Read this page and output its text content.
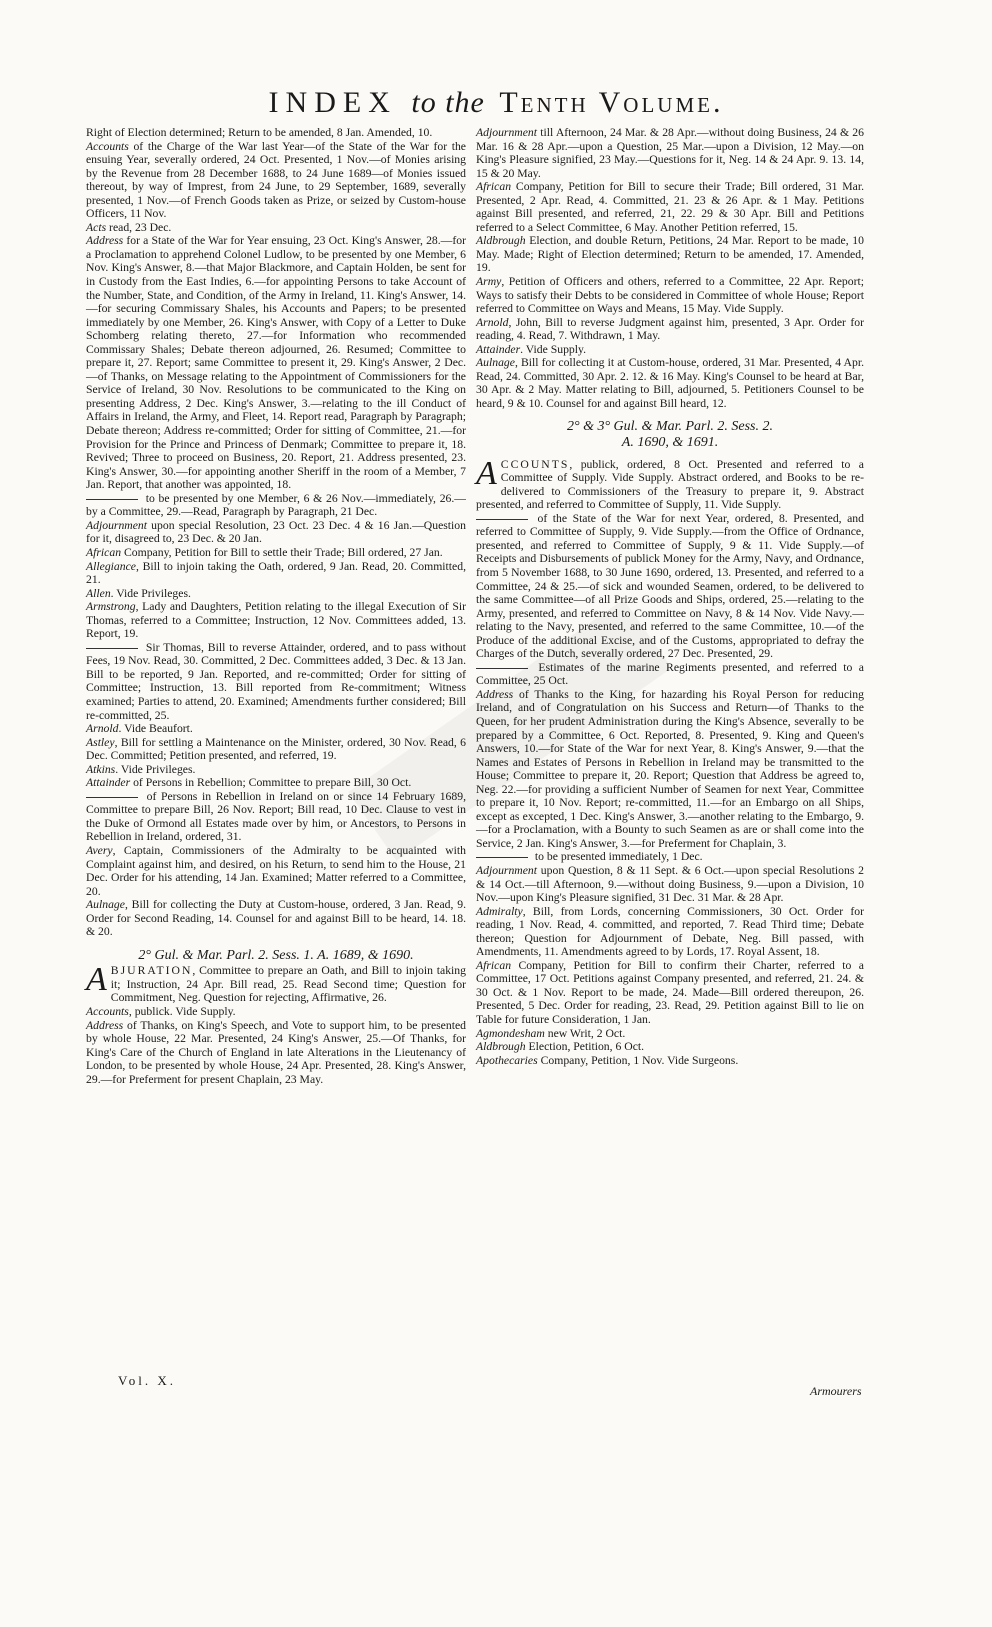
INDEX to the Tenth Volume.

Right of Election determined; Return to be amended, 8 Jan. Amended, 10.

Accounts of the Charge of the War last Year—of the State of the War for the ensuing Year, severally ordered, 24 Oct. Presented, 1 Nov.—of Monies arising by the Revenue from 28 December 1688, to 24 June 1689—of Monies issued thereout, by way of Imprest, from 24 June, to 29 September, 1689, severally presented, 1 Nov.—of French Goods taken as Prize, or seized by Custom-house Officers, 11 Nov.

Acts read, 23 Dec.

Address for a State of the War for Year ensuing, 23 Oct. King's Answer, 28.—for a Proclamation to apprehend Colonel Ludlow, to be presented by one Member, 6 Nov. King's Answer, 8.—that Major Blackmore, and Captain Holden, be sent for in Custody from the East Indies, 6.—for appointing Persons to take Account of the Number, State, and Condition, of the Army in Ireland, 11. King's Answer, 14.—for securing Commissary Shales, his Accounts and Papers; to be presented immediately by one Member, 26. King's Answer, with Copy of a Letter to Duke Schomberg relating thereto, 27.—for Information who recommended Commissary Shales; Debate thereon adjourned, 26. Resumed; Committee to prepare it, 27. Report; same Committee to present it, 29. King's Answer, 2 Dec.—of Thanks, on Message relating to the Appointment of Commissioners for the Service of Ireland, 30 Nov. Resolutions to be communicated to the King on presenting Address, 2 Dec. King's Answer, 3.—relating to the ill Conduct of Affairs in Ireland, the Army, and Fleet, 14. Report read, Paragraph by Paragraph; Debate thereon; Address re-committed; Order for sitting of Committee, 21.—for Provision for the Prince and Princess of Denmark; Committee to prepare it, 18. Revived; Three to proceed on Business, 20. Report, 21. Address presented, 23. King's Answer, 30.—for appointing another Sheriff in the room of a Member, 7 Jan. Report, that another was appointed, 18.

to be presented by one Member, 6 & 26 Nov.—immediately, 26.—by a Committee, 29.—Read, Paragraph by Paragraph, 21 Dec.

Adjournment upon special Resolution, 23 Oct. 23 Dec. 4 & 16 Jan.—Question for it, disagreed to, 23 Dec. & 20 Jan.

African Company, Petition for Bill to settle their Trade; Bill ordered, 27 Jan.

Allegiance, Bill to injoin taking the Oath, ordered, 9 Jan. Read, 20. Committed, 21.

Allen. Vide Privileges.

Armstrong, Lady and Daughters, Petition relating to the illegal Execution of Sir Thomas, referred to a Committee; Instruction, 12 Nov. Committees added, 13. Report, 19.

Sir Thomas, Bill to reverse Attainder, ordered, and to pass without Fees, 19 Nov. Read, 30. Committed, 2 Dec. Committees added, 3 Dec. & 13 Jan. Bill to be reported, 9 Jan. Reported, and re-committed; Order for sitting of Committee; Instruction, 13. Bill reported from Re-commitment; Witness examined; Parties to attend, 20. Examined; Amendments further considered; Bill re-committed, 25.

Arnold. Vide Beaufort.

Astley, Bill for settling a Maintenance on the Minister, ordered, 30 Nov. Read, 6 Dec. Committed; Petition presented, and referred, 19.

Atkins. Vide Privileges.

Attainder of Persons in Rebellion; Committee to prepare Bill, 30 Oct.

of Persons in Rebellion in Ireland on or since 14 February 1689, Committee to prepare Bill, 26 Nov. Report; Bill read, 10 Dec. Clause to vest in the Duke of Ormond all Estates made over by him, or Ancestors, to Persons in Rebellion in Ireland, ordered, 31.

Avery, Captain, Commissioners of the Admiralty to be acquainted with Complaint against him, and desired, on his Return, to send him to the House, 21 Dec. Order for his attending, 14 Jan. Examined; Matter referred to a Committee, 20.

Aulnage, Bill for collecting the Duty at Custom-house, ordered, 3 Jan. Read, 9. Order for Second Reading, 14. Counsel for and against Bill to be heard, 14. 18. & 20.

2° Gul. & Mar. Parl. 2. Sess. 1. A. 1689, & 1690.

ABJURATION, Committee to prepare an Oath, and Bill to injoin taking it; Instruction, 24 Apr. Bill read, 25. Read Second time; Question for Commitment, Neg. Question for rejecting, Affirmative, 26.

Accounts, publick. Vide Supply.

Address of Thanks, on King's Speech, and Vote to support him, to be presented by whole House, 22 Mar. Presented, 24 King's Answer, 25.—Of Thanks, for King's Care of the Church of England in late Alterations in the Lieutenancy of London, to be presented by whole House, 24 Apr. Presented, 28. King's Answer, 29.—for Preferment for present Chaplain, 23 May.

Adjournment till Afternoon, 24 Mar. & 28 Apr.—without doing Business, 24 & 26 Mar. 16 & 28 Apr.—upon a Question, 25 Mar.—upon a Division, 12 May.—on King's Pleasure signified, 23 May.—Questions for it, Neg. 14 & 24 Apr. 9. 13. 14, 15 & 20 May.

African Company, Petition for Bill to secure their Trade; Bill ordered, 31 Mar. Presented, 2 Apr. Read, 4. Committed, 21. 23 & 26 Apr. & 1 May. Petitions against Bill presented, and referred, 21, 22. 29 & 30 Apr. Bill and Petitions referred to a Select Committee, 6 May. Another Petition referred, 15.

Aldbrough Election, and double Return, Petitions, 24 Mar. Report to be made, 10 May. Made; Right of Election determined; Return to be amended, 17. Amended, 19.

Army, Petition of Officers and others, referred to a Committee, 22 Apr. Report; Ways to satisfy their Debts to be considered in Committee of whole House; Report referred to Committee on Ways and Means, 15 May. Vide Supply.

Arnold, John, Bill to reverse Judgment against him, presented, 3 Apr. Order for reading, 4. Read, 7. Withdrawn, 1 May.

Attainder. Vide Supply.

Aulnage, Bill for collecting it at Custom-house, ordered, 31 Mar. Presented, 4 Apr. Read, 24. Committed, 30 Apr. 2. 12. & 16 May. King's Counsel to be heard at Bar, 30 Apr. & 2 May. Matter relating to Bill, adjourned, 5. Petitioners Counsel to be heard, 9 & 10. Counsel for and against Bill heard, 12.

2° & 3° Gul. & Mar. Parl. 2. Sess. 2.
A. 1690, & 1691.

ACCOUNTS, publick, ordered, 8 Oct. Presented and referred to a Committee of Supply. Vide Supply. Abstract ordered, and Books to be re-delivered to Commissioners of the Treasury to prepare it, 9. Abstract presented, and referred to Committee of Supply, 11. Vide Supply.

of the State of the War for next Year, ordered, 8. Presented, and referred to Committee of Supply, 9. Vide Supply.—from the Office of Ordnance, presented, and referred to Committee of Supply, 9 & 11. Vide Supply.—of Receipts and Disbursements of publick Money for the Army, Navy, and Ordnance, from 5 November 1688, to 30 June 1690, ordered, 13. Presented, and referred to a Committee, 24 & 25.—of sick and wounded Seamen, ordered, to be delivered to the same Committee—of all Prize Goods and Ships, ordered, 25.—relating to the Army, presented, and referred to Committee on Navy, 8 & 14 Nov. Vide Navy.—relating to the Navy, presented, and referred to the same Committee, 10.—of the Produce of the additional Excise, and of the Customs, appropriated to defray the Charges of the Dutch, severally ordered, 27 Dec. Presented, 29.

Estimates of the marine Regiments presented, and referred to a Committee, 25 Oct.

Address of Thanks to the King, for hazarding his Royal Person for reducing Ireland, and of Congratulation on his Success and Return—of Thanks to the Queen, for her prudent Administration during the King's Absence, severally to be prepared by a Committee, 6 Oct. Reported, 8. Presented, 9. King and Queen's Answers, 10.—for State of the War for next Year, 8. King's Answer, 9.—that the Names and Estates of Persons in Rebellion in Ireland may be transmitted to the House; Committee to prepare it, 20. Report; Question that Address be agreed to, Neg. 22.—for providing a sufficient Number of Seamen for next Year, Committee to prepare it, 10 Nov. Report; re-committed, 11.—for an Embargo on all Ships, except as excepted, 1 Dec. King's Answer, 3.—another relating to the Embargo, 9.—for a Proclamation, with a Bounty to such Seamen as are or shall come into the Service, 2 Jan. King's Answer, 3.—for Preferment for Chaplain, 3.

to be presented immediately, 1 Dec.

Adjournment upon Question, 8 & 11 Sept. & 6 Oct.—upon special Resolutions 2 & 14 Oct.—till Afternoon, 9.—without doing Business, 9.—upon a Division, 10 Nov.—upon King's Pleasure signified, 31 Dec. 31 Mar. & 28 Apr.

Admiralty, Bill, from Lords, concerning Commissioners, 30 Oct. Order for reading, 1 Nov. Read, 4. committed, and reported, 7. Read Third time; Debate thereon; Question for Adjournment of Debate, Neg. Bill passed, with Amendments, 11. Amendments agreed to by Lords, 17. Royal Assent, 18.

African Company, Petition for Bill to confirm their Charter, referred to a Committee, 17 Oct. Petitions against Company presented, and referred, 21. 24. & 30 Oct. & 1 Nov. Report to be made, 24. Made—Bill ordered thereupon, 26. Presented, 5 Dec. Order for reading, 23. Read, 29. Petition against Bill to lie on Table for future Consideration, 1 Jan.

Agmondesham new Writ, 2 Oct.

Aldbrough Election, Petition, 6 Oct.

Apothecaries Company, Petition, 1 Nov. Vide Surgeons.

Vol. X.
Armourers
